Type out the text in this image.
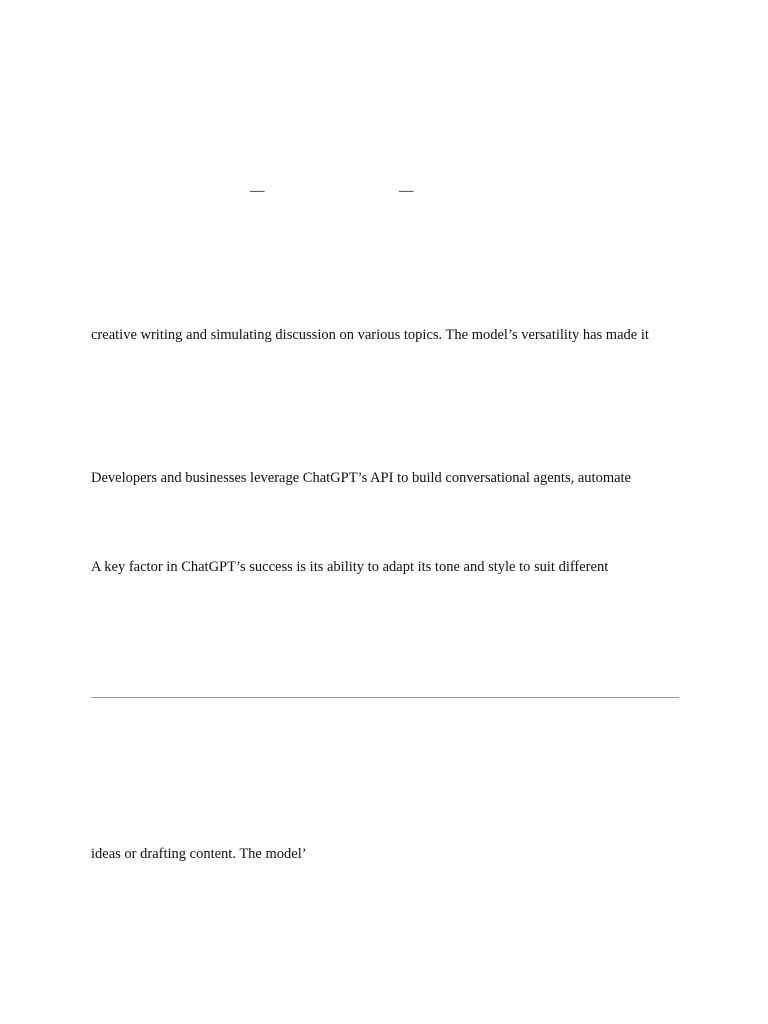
—	—
creative writing and simulating discussion on various topics. The model’s versatility has made it
Developers and businesses leverage ChatGPT’s API to build conversational agents, automate
A key factor in ChatGPT’s success is its ability to adapt its tone and style to suit different
ideas or drafting content. The model’
